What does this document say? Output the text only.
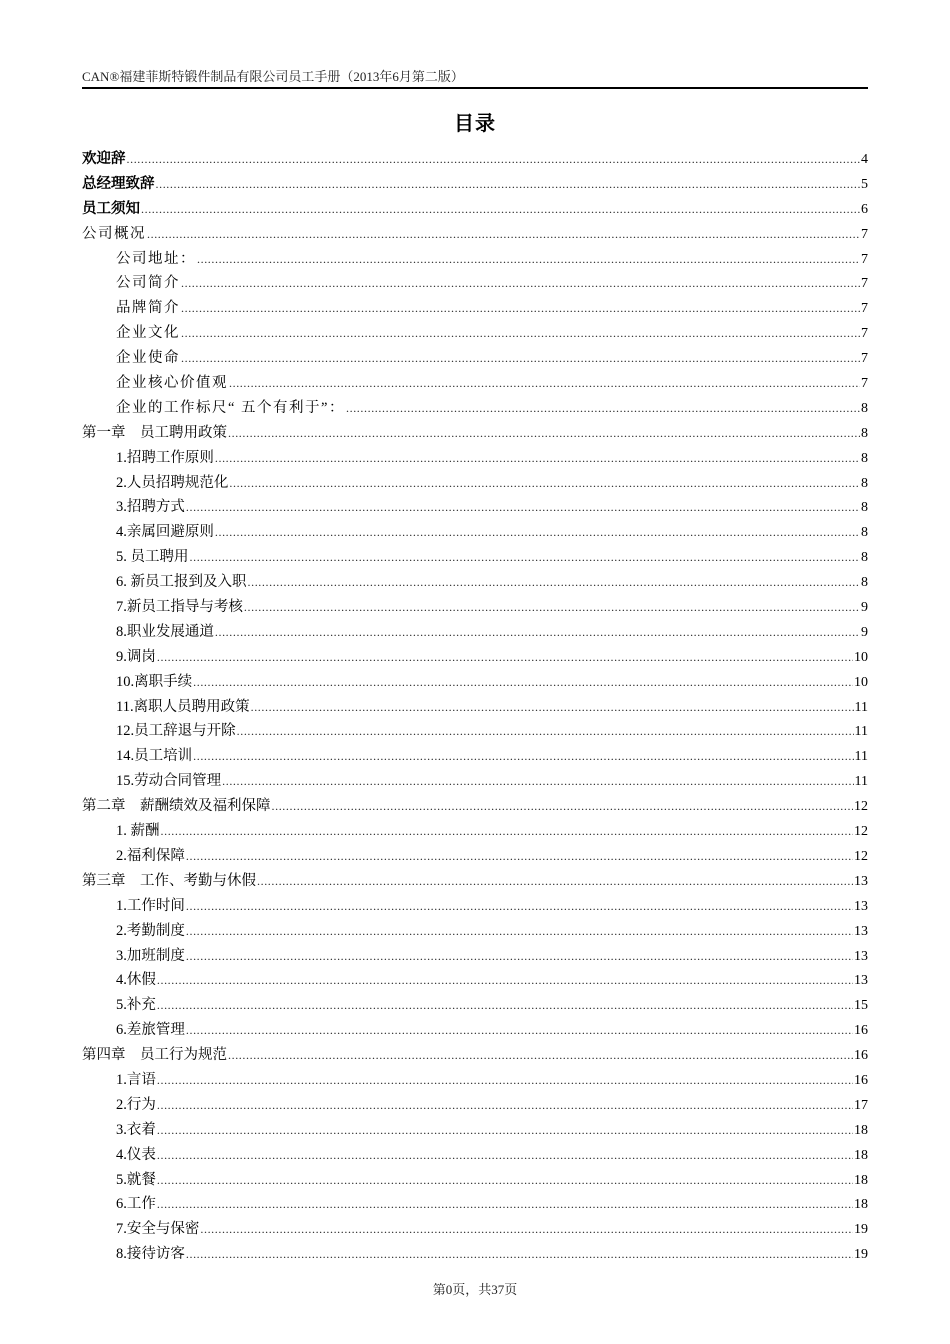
CAN®福建菲斯特锻件制品有限公司员工手册（2013年6月第二版）
目录
欢迎辞 .....	4
总经理致辞 .....	5
员工须知 .....	6
公司概况 .....	7
公司地址： .....	7
公司简介 .....	7
品牌简介 .....	7
企业文化 .....	7
企业使命 .....	7
企业核心价值观 .....	7
企业的工作标尺“ 五个有利于”： .....	8
第一章　员工聘用政策 .....	8
1.招聘工作原则 .....	8
2.人员招聘规范化 .....	8
3.招聘方式 .....	8
4.亲属回避原则 .....	8
5. 员工聘用 .....	8
6. 新员工报到及入职 .....	8
7.新员工指导与考核 .....	9
8.职业发展通道 .....	9
9.调岗 .....	10
10.离职手续 .....	10
11.离职人员聘用政策 .....	11
12.员工辞退与开除 .....	11
14.员工培训 .....	11
15.劳动合同管理 .....	11
第二章　薪酬绩效及福利保障 .....	12
1. 薪酬 .....	12
2.福利保障 .....	12
第三章　工作、考勤与休假 .....	13
1.工作时间 .....	13
2.考勤制度 .....	13
3.加班制度 .....	13
4.休假 .....	13
5.补充 .....	15
6.差旅管理 .....	16
第四章　员工行为规范 .....	16
1.言语 .....	16
2.行为 .....	17
3.衣着 .....	18
4.仪表 .....	18
5.就餐 .....	18
6.工作 .....	18
7.安全与保密 .....	19
8.接待访客 .....	19
第0页，共37页
